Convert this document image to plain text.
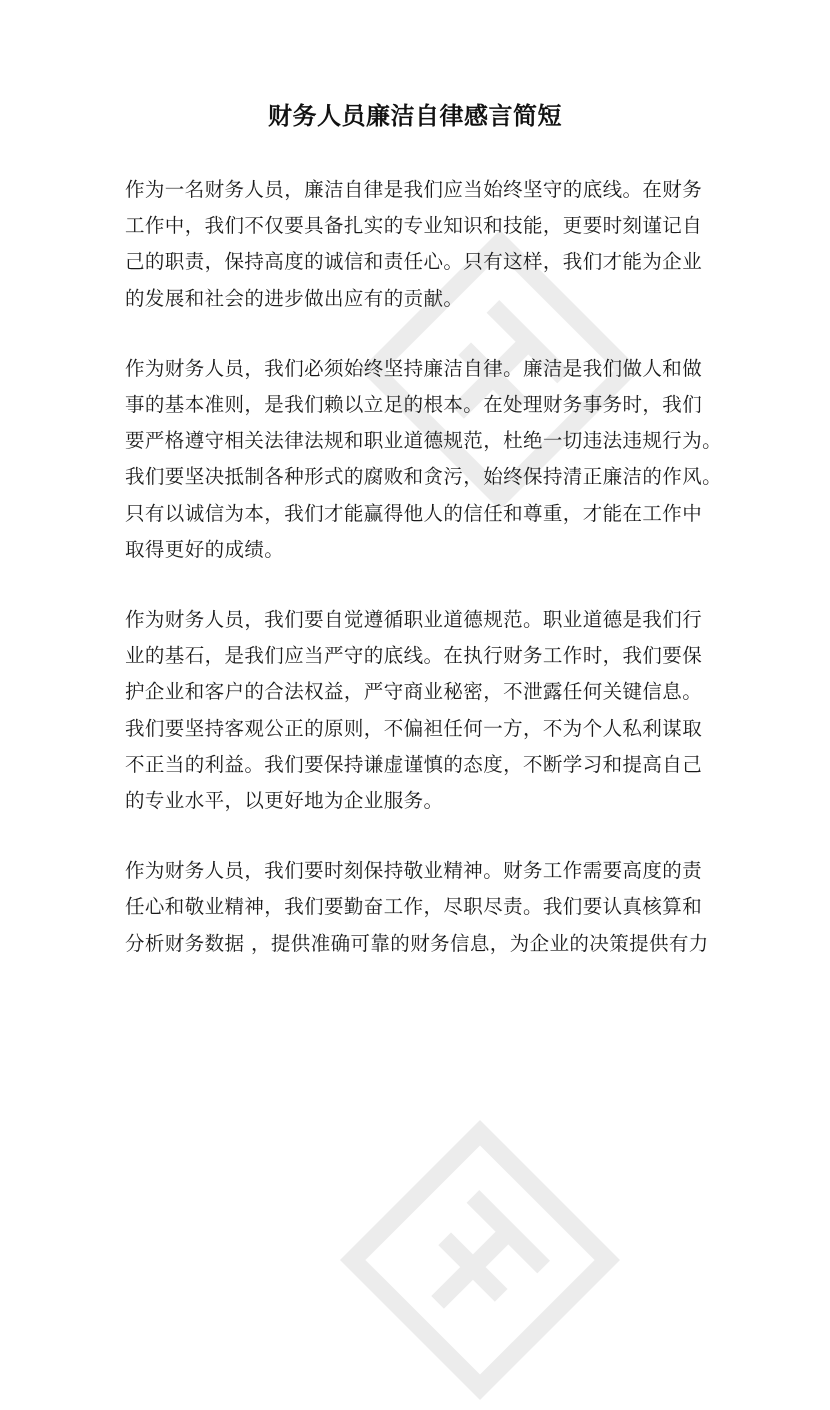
财务人员廉洁自律感言简短
作为一名财务人员，廉洁自律是我们应当始终坚守的底线。在财务
工作中，我们不仅要具备扎实的专业知识和技能，更要时刻谨记自
己的职责，保持高度的诚信和责任心。只有这样，我们才能为企业
的发展和社会的进步做出应有的贡献。
作为财务人员，我们必须始终坚持廉洁自律。廉洁是我们做人和做
事的基本准则，是我们赖以立足的根本。在处理财务事务时，我们
要严格遵守相关法律法规和职业道德规范，杜绝一切违法违规行为。
我们要坚决抵制各种形式的腐败和贪污，始终保持清正廉洁的作风。
只有以诚信为本，我们才能赢得他人的信任和尊重，才能在工作中
取得更好的成绩。
作为财务人员，我们要自觉遵循职业道德规范。职业道德是我们行
业的基石，是我们应当严守的底线。在执行财务工作时，我们要保
护企业和客户的合法权益，严守商业秘密，不泄露任何关键信息。
我们要坚持客观公正的原则，不偏袒任何一方，不为个人私利谋取
不正当的利益。我们要保持谦虚谨慎的态度，不断学习和提高自己
的专业水平，以更好地为企业服务。
作为财务人员，我们要时刻保持敬业精神。财务工作需要高度的责
任心和敬业精神，我们要勤奋工作，尽职尽责。我们要认真核算和
分析财务数据 ，提供准确可靠的财务信息，为企业的决策提供有力
